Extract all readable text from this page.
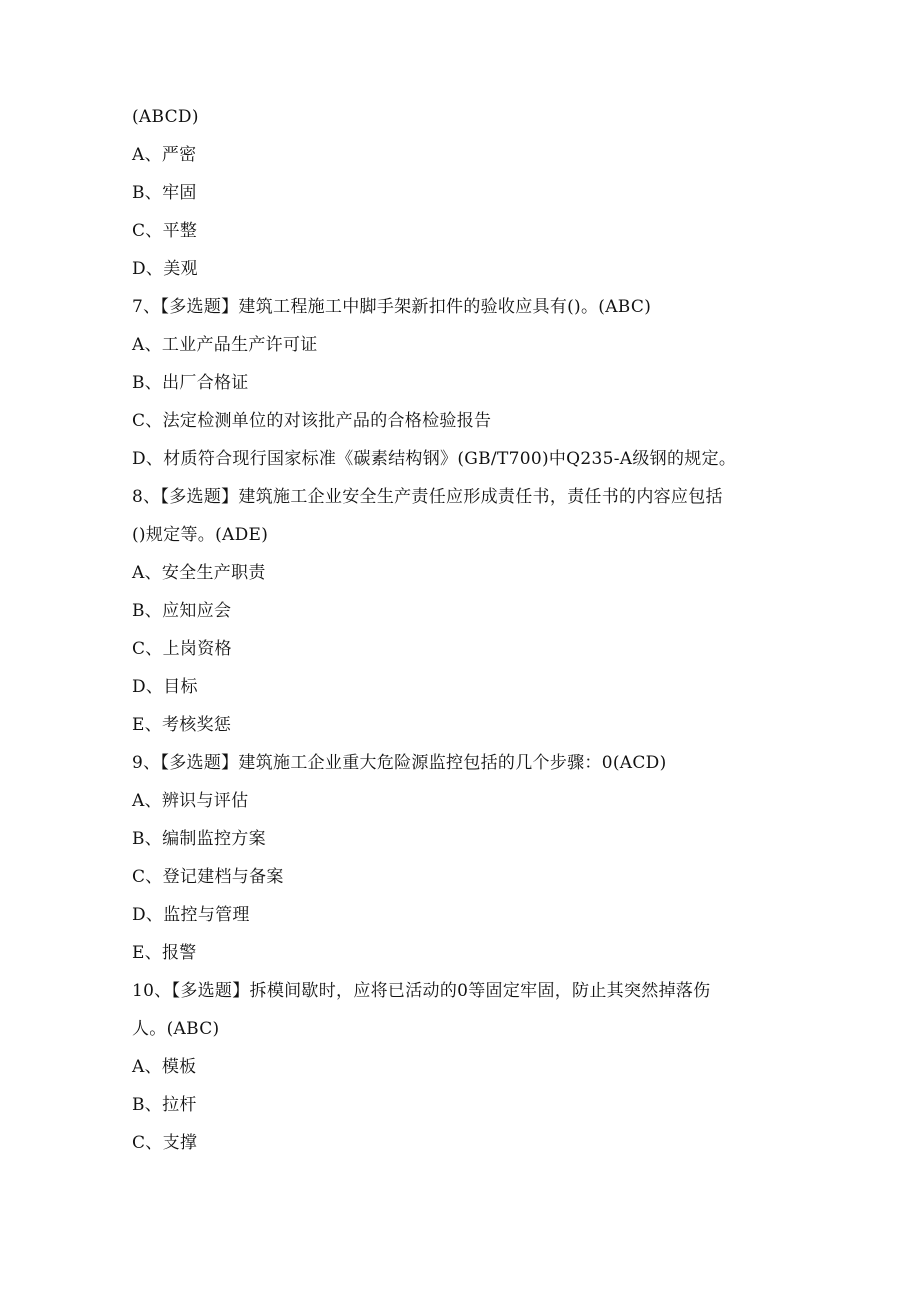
(ABCD)
A、严密
B、牢固
C、平整
D、美观
7、【多选题】建筑工程施工中脚手架新扣件的验收应具有()。(ABC)
A、工业产品生产许可证
B、出厂合格证
C、法定检测单位的对该批产品的合格检验报告
D、材质符合现行国家标准《碳素结构钢》(GB/T700)中Q235-A级钢的规定。
8、【多选题】建筑施工企业安全生产责任应形成责任书，责任书的内容应包括
()规定等。(ADE)
A、安全生产职责
B、应知应会
C、上岗资格
D、目标
E、考核奖惩
9、【多选题】建筑施工企业重大危险源监控包括的几个步骤：0(ACD)
A、辨识与评估
B、编制监控方案
C、登记建档与备案
D、监控与管理
E、报警
10、【多选题】拆模间歇时，应将已活动的0等固定牢固，防止其突然掉落伤
人。(ABC)
A、模板
B、拉杆
C、支撑
